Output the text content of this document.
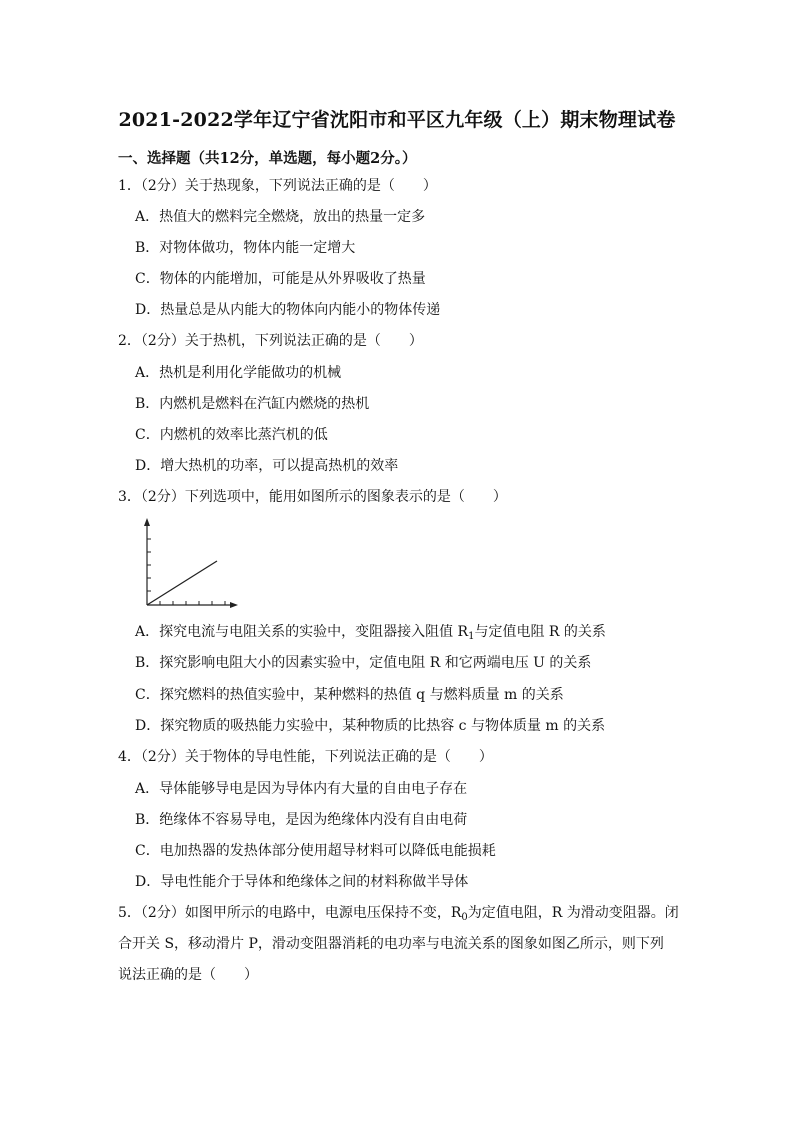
2021-2022学年辽宁省沈阳市和平区九年级（上）期末物理试卷
一、选择题（共12分，单选题，每小题2分。）
1．（2分）关于热现象，下列说法正确的是（　　）
A．热值大的燃料完全燃烧，放出的热量一定多
B．对物体做功，物体内能一定增大
C．物体的内能增加，可能是从外界吸收了热量
D．热量总是从内能大的物体向内能小的物体传递
2．（2分）关于热机，下列说法正确的是（　　）
A．热机是利用化学能做功的机械
B．内燃机是燃料在汽缸内燃烧的热机
C．内燃机的效率比蒸汽机的低
D．增大热机的功率，可以提高热机的效率
3．（2分）下列选项中，能用如图所示的图象表示的是（　　）
A．探究电流与电阻关系的实验中，变阻器接入阻值 $R_1$与定值电阻 R 的关系
B．探究影响电阻大小的因素实验中，定值电阻 R 和它两端电压 U 的关系
C．探究燃料的热值实验中，某种燃料的热值 q 与燃料质量 m 的关系
D．探究物质的吸热能力实验中，某种物质的比热容 c 与物体质量 m 的关系
4．（2分）关于物体的导电性能，下列说法正确的是（　　）
A．导体能够导电是因为导体内有大量的自由电子存在
B．绝缘体不容易导电，是因为绝缘体内没有自由电荷
C．电加热器的发热体部分使用超导材料可以降低电能损耗
D．导电性能介于导体和绝缘体之间的材料称做半导体
5．（2分）如图甲所示的电路中，电源电压保持不变，$R_0$为定值电阻，R 为滑动变阻器。闭
合开关 S，移动滑片 P，滑动变阻器消耗的电功率与电流关系的图象如图乙所示，则下列
说法正确的是（　　）
